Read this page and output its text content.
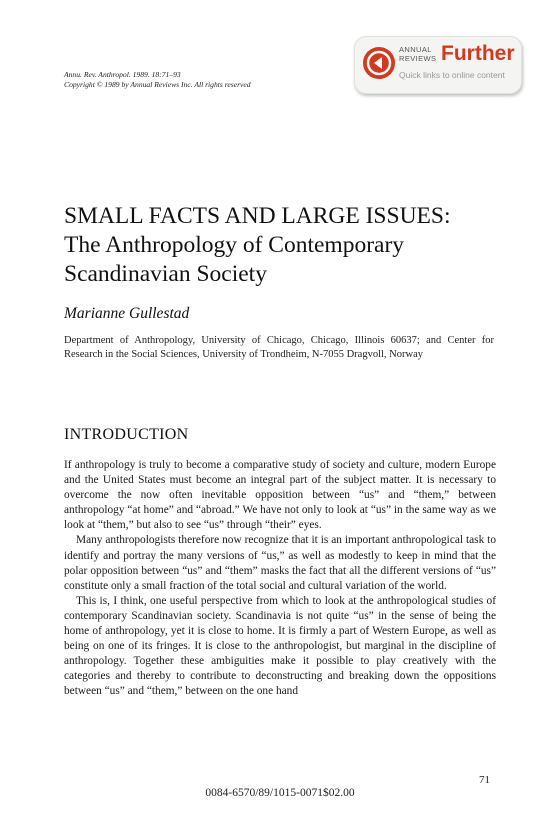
Annu. Rev. Anthropol. 1989. 18:71–93
Copyright © 1989 by Annual Reviews Inc. All rights reserved
ANNUAL
REVIEWS Further
Quick links to online content
SMALL FACTS AND LARGE ISSUES:
The Anthropology of Contemporary
Scandinavian Society
Marianne Gullestad
Department of Anthropology, University of Chicago, Chicago, Illinois 60637; and Center for Research in the Social Sciences, University of Trondheim, N-7055 Dragvoll, Norway
INTRODUCTION

If anthropology is truly to become a comparative study of society and culture, modern Europe and the United States must become an integral part of the subject matter. It is necessary to overcome the now often inevitable opposition between “us” and “them,” between anthropology “at home” and “abroad.” We have not only to look at “us” in the same way as we look at “them,” but also to see “us” through “their” eyes.

Many anthropologists therefore now recognize that it is an important anthropological task to identify and portray the many versions of “us,” as well as modestly to keep in mind that the polar opposition between “us” and “them” masks the fact that all the different versions of “us” constitute only a small fraction of the total social and cultural variation of the world.

This is, I think, one useful perspective from which to look at the anthropological studies of contemporary Scandinavian society. Scandinavia is not quite “us” in the sense of being the home of anthropology, yet it is close to home. It is firmly a part of Western Europe, as well as being on one of its fringes. It is close to the anthropologist, but marginal in the discipline of anthropology. Together these ambiguities make it possible to play creatively with the categories and thereby to contribute to deconstructing and breaking down the oppositions between “us” and “them,” between on the one hand

71
0084-6570/89/1015-0071$02.00
